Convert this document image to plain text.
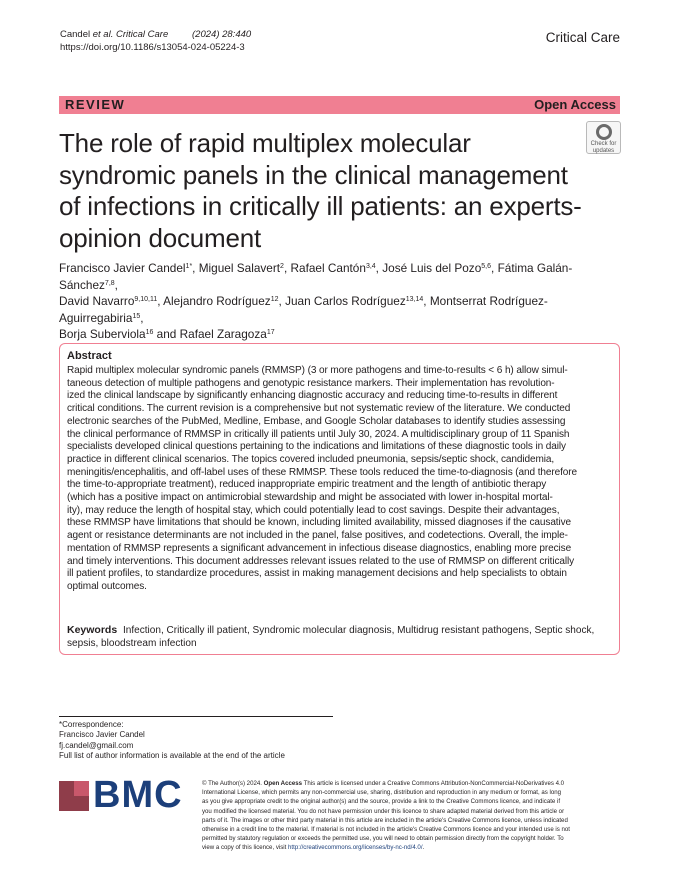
Candel et al. Critical Care	(2024) 28:440
https://doi.org/10.1186/s13054-024-05224-3
Critical Care
REVIEW	Open Access
The role of rapid multiplex molecular syndromic panels in the clinical management of infections in critically ill patients: an experts-opinion document
Check for
updates
Francisco Javier Candel$^{1*}$, Miguel Salavert$^2$, Rafael Cantón$^{3,4}$, José Luis del Pozo$^{5,6}$, Fátima Galán-Sánchez$^{7,8}$,
David Navarro$^{9,10,11}$, Alejandro Rodríguez$^{12}$, Juan Carlos Rodríguez$^{13,14}$, Montserrat Rodríguez-Aguirregabiria$^{15}$,
Borja Suberviola$^{16}$ and Rafael Zaragoza$^{17}$
Abstract
Rapid multiplex molecular syndromic panels (RMMSP) (3 or more pathogens and time-to-results < 6 h) allow simul-
taneous detection of multiple pathogens and genotypic resistance markers. Their implementation has revolution-
ized the clinical landscape by significantly enhancing diagnostic accuracy and reducing time-to-results in different
critical conditions. The current revision is a comprehensive but not systematic review of the literature. We conducted
electronic searches of the PubMed, Medline, Embase, and Google Scholar databases to identify studies assessing
the clinical performance of RMMSP in critically ill patients until July 30, 2024. A multidisciplinary group of 11 Spanish
specialists developed clinical questions pertaining to the indications and limitations of these diagnostic tools in daily
practice in different clinical scenarios. The topics covered included pneumonia, sepsis/septic shock, candidemia,
meningitis/encephalitis, and off-label uses of these RMMSP. These tools reduced the time-to-diagnosis (and therefore
the time-to-appropriate treatment), reduced inappropriate empiric treatment and the length of antibiotic therapy
(which has a positive impact on antimicrobial stewardship and might be associated with lower in-hospital mortal-
ity), may reduce the length of hospital stay, which could potentially lead to cost savings. Despite their advantages,
these RMMSP have limitations that should be known, including limited availability, missed diagnoses if the causative
agent or resistance determinants are not included in the panel, false positives, and codetections. Overall, the imple-
mentation of RMMSP represents a significant advancement in infectious disease diagnostics, enabling more precise
and timely interventions. This document addresses relevant issues related to the use of RMMSP on different critically
ill patient profiles, to standardize procedures, assist in making management decisions and help specialists to obtain
optimal outcomes.
Keywords Infection, Critically ill patient, Syndromic molecular diagnosis, Multidrug resistant pathogens, Septic shock,
sepsis, bloodstream infection
*Correspondence:
Francisco Javier Candel
fj.candel@gmail.com
Full list of author information is available at the end of the article
BMC	© The Author(s) 2024. Open Access This article is licensed under a Creative Commons Attribution-NonCommercial-NoDerivatives 4.0
International License, which permits any non-commercial use, sharing, distribution and reproduction in any medium or format, as long
as you give appropriate credit to the original author(s) and the source, provide a link to the Creative Commons licence, and indicate if
you modified the licensed material. You do not have permission under this licence to share adapted material derived from this article or
parts of it. The images or other third party material in this article are included in the article's Creative Commons licence, unless indicated
otherwise in a credit line to the material. If material is not included in the article's Creative Commons licence and your intended use is not
permitted by statutory regulation or exceeds the permitted use, you will need to obtain permission directly from the copyright holder. To
view a copy of this licence, visit http://creativecommons.org/licenses/by-nc-nd/4.0/.
